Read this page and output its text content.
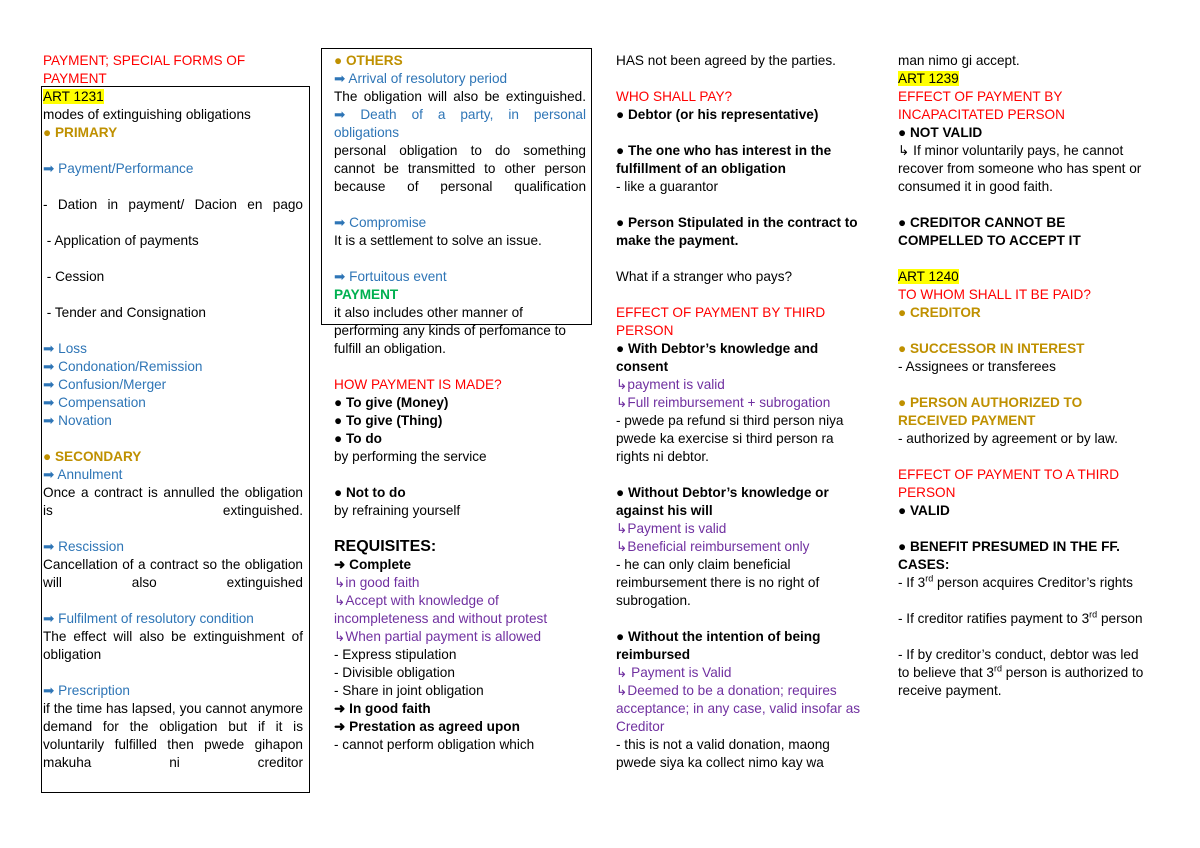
PAYMENT; SPECIAL FORMS OF PAYMENT
ART 1231
modes of extinguishing obligations
● PRIMARY
➡ Payment/Performance
- Dation in payment/ Dacion en pago
- Application of payments
- Cession
- Tender and Consignation
➡ Loss
➡ Condonation/Remission
➡ Confusion/Merger
➡ Compensation
➡ Novation
● SECONDARY
➡ Annulment
Once a contract is annulled the obligation is extinguished.
➡ Rescission
Cancellation of a contract so the obligation will also extinguished
➡ Fulfilment of resolutory condition
The effect will also be extinguishment of obligation
➡ Prescription
if the time has lapsed, you cannot anymore demand for the obligation but if it is voluntarily fulfilled then pwede gihapon makuha ni creditor
● OTHERS
➡ Arrival of resolutory period
The obligation will also be extinguished.
➡ Death of a party, in personal obligations
personal obligation to do something cannot be transmitted to other person because of personal qualification
➡ Compromise
It is a settlement to solve an issue.
➡ Fortuitous event
PAYMENT
it also includes other manner of performing any kinds of perfomance to fulfill an obligation.
HOW PAYMENT IS MADE?
● To give (Money)
● To give (Thing)
● To do
by performing the service
● Not to do
by refraining yourself
REQUISITES:
➜ Complete
↳in good faith
↳Accept with knowledge of incompleteness and without protest
↳When partial payment is allowed
- Express stipulation
- Divisible obligation
- Share in joint obligation
➜ In good faith
➜ Prestation as agreed upon
- cannot perform obligation which
HAS not been agreed by the parties.
WHO SHALL PAY?
● Debtor (or his representative)
● The one who has interest in the fulfillment of an obligation
- like a guarantor
● Person Stipulated in the contract to make the payment.
What if a stranger who pays?
EFFECT OF PAYMENT BY THIRD PERSON
● With Debtor’s knowledge and consent
↳payment is valid
↳Full reimbursement + subrogation
- pwede pa refund si third person niya pwede ka exercise si third person ra rights ni debtor.
● Without Debtor’s knowledge or against his will
↳Payment is valid
↳Beneficial reimbursement only
- he can only claim beneficial reimbursement there is no right of subrogation.
● Without the intention of being reimbursed
↳ Payment is Valid
↳Deemed to be a donation; requires acceptance; in any case, valid insofar as Creditor
- this is not a valid donation, maong pwede siya ka collect nimo kay wa
man nimo gi accept.
ART 1239
EFFECT OF PAYMENT BY INCAPACITATED PERSON
● NOT VALID
↳ If minor voluntarily pays, he cannot recover from someone who has spent or consumed it in good faith.
● CREDITOR CANNOT BE COMPELLED TO ACCEPT IT
ART 1240
TO WHOM SHALL IT BE PAID?
● CREDITOR
● SUCCESSOR IN INTEREST
- Assignees or transferees
● PERSON AUTHORIZED TO RECEIVED PAYMENT
- authorized by agreement or by law.
EFFECT OF PAYMENT TO A THIRD PERSON
● VALID
● BENEFIT PRESUMED IN THE FF. CASES:
- If 3rd person acquires Creditor’s rights
- If creditor ratifies payment to 3rd person
- If by creditor’s conduct, debtor was led to believe that 3rd person is authorized to receive payment.
